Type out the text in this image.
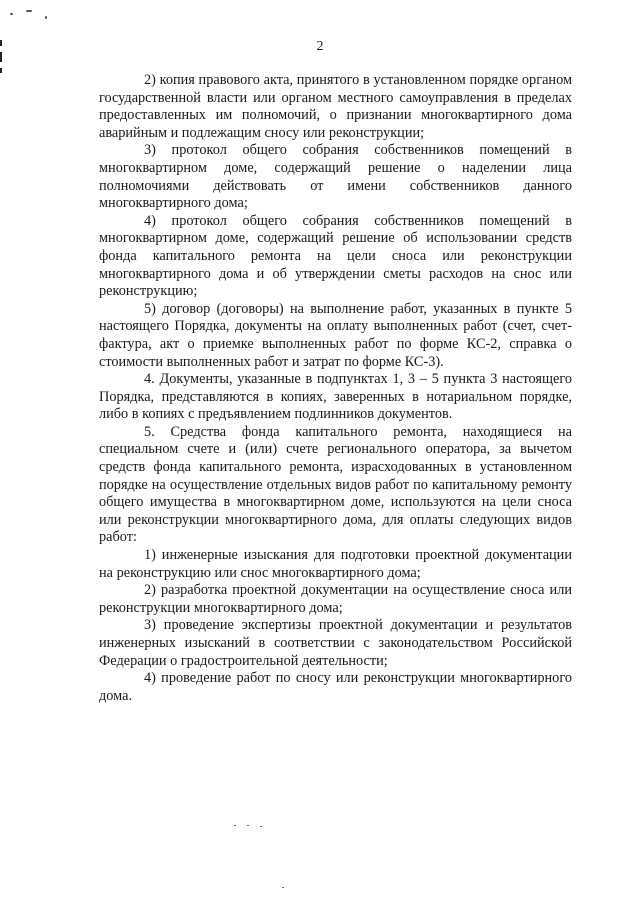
2

2) копия правового акта, принятого в установленном порядке органом государственной власти или органом местного самоуправления в пределах предоставленных им полномочий, о признании многоквартирного дома аварийным и подлежащим сносу или реконструкции;

3) протокол общего собрания собственников помещений в многоквартирном доме, содержащий решение о наделении лица полномочиями действовать от имени собственников данного многоквартирного дома;

4) протокол общего собрания собственников помещений в многоквартирном доме, содержащий решение об использовании средств фонда капитального ремонта на цели сноса или реконструкции многоквартирного дома и об утверждении сметы расходов на снос или реконструкцию;

5) договор (договоры) на выполнение работ, указанных в пункте 5 настоящего Порядка, документы на оплату выполненных работ (счет, счет-фактура, акт о приемке выполненных работ по форме КС-2, справка о стоимости выполненных работ и затрат по форме КС-3).

4. Документы, указанные в подпунктах 1, 3 – 5 пункта 3 настоящего Порядка, представляются в копиях, заверенных в нотариальном порядке, либо в копиях с предъявлением подлинников документов.

5. Средства фонда капитального ремонта, находящиеся на специальном счете и (или) счете регионального оператора, за вычетом средств фонда капитального ремонта, израсходованных в установленном порядке на осуществление отдельных видов работ по капитальному ремонту общего имущества в многоквартирном доме, используются на цели сноса или реконструкции многоквартирного дома, для оплаты следующих видов работ:

1) инженерные изыскания для подготовки проектной документации на реконструкцию или снос многоквартирного дома;

2) разработка проектной документации на осуществление сноса или реконструкции многоквартирного дома;

3) проведение экспертизы проектной документации и результатов инженерных изысканий в соответствии с законодательством Российской Федерации о градостроительной деятельности;

4) проведение работ по сносу или реконструкции многоквартирного дома.
